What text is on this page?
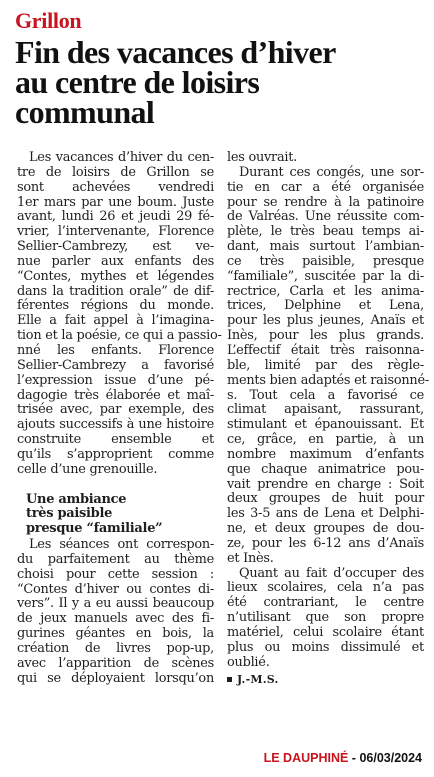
Grillon
Fin des vacances d’hiver
au centre de loisirs
communal
Les vacances d’hiver du cen-
tre de loisirs de Grillon se
sont achevées vendredi
1er mars par une boum. Juste
avant, lundi 26 et jeudi 29 fé-
vrier, l’intervenante, Florence
Sellier-Cambrezy, est ve-
nue parler aux enfants des
“Contes, mythes et légendes
dans la tradition orale” de dif-
férentes régions du monde.
Elle a fait appel à l’imagina-
tion et la poésie, ce qui a passio-
nné les enfants. Florence
Sellier-Cambrezy a favorisé
l’expression issue d’une pé-
dagogie très élaborée et maî-
trisée avec, par exemple, des
ajouts successifs à une histoire
construite ensemble et
qu’ils s’approprient comme
celle d’une grenouille.
Une ambiance
très paisible
presque “familiale”
Les séances ont correspon-
du parfaitement au thème
choisi pour cette session :
“Contes d’hiver ou contes di-
vers”. Il y a eu aussi beaucoup
de jeux manuels avec des fi-
gurines géantes en bois, la
création de livres pop-up,
avec l’apparition de scènes
qui se déployaient lorsqu’on
les ouvrait.
Durant ces congés, une sor-
tie en car a été organisée
pour se rendre à la patinoire
de Valréas. Une réussite com-
plète, le très beau temps ai-
dant, mais surtout l’ambian-
ce très paisible, presque
“familiale”, suscitée par la di-
rectrice, Carla et les anima-
trices, Delphine et Lena,
pour les plus jeunes, Anaïs et
Inès, pour les plus grands.
L’effectif était très raisonna-
ble, limité par des règle-
ments bien adaptés et raisonné-
s. Tout cela a favorisé ce
climat apaisant, rassurant,
stimulant et épanouissant. Et
ce, grâce, en partie, à un
nombre maximum d’enfants
que chaque animatrice pou-
vait prendre en charge : Soit
deux groupes de huit pour
les 3-5 ans de Lena et Delphi-
ne, et deux groupes de dou-
ze, pour les 6-12 ans d’Anaïs
et Inès.
Quant au fait d’occuper des
lieux scolaires, cela n’a pas
été contrariant, le centre
n’utilisant que son propre
matériel, celui scolaire étant
plus ou moins dissimulé et
oublié.
J.-M.S.
LE DAUPHINÉ - 06/03/2024
